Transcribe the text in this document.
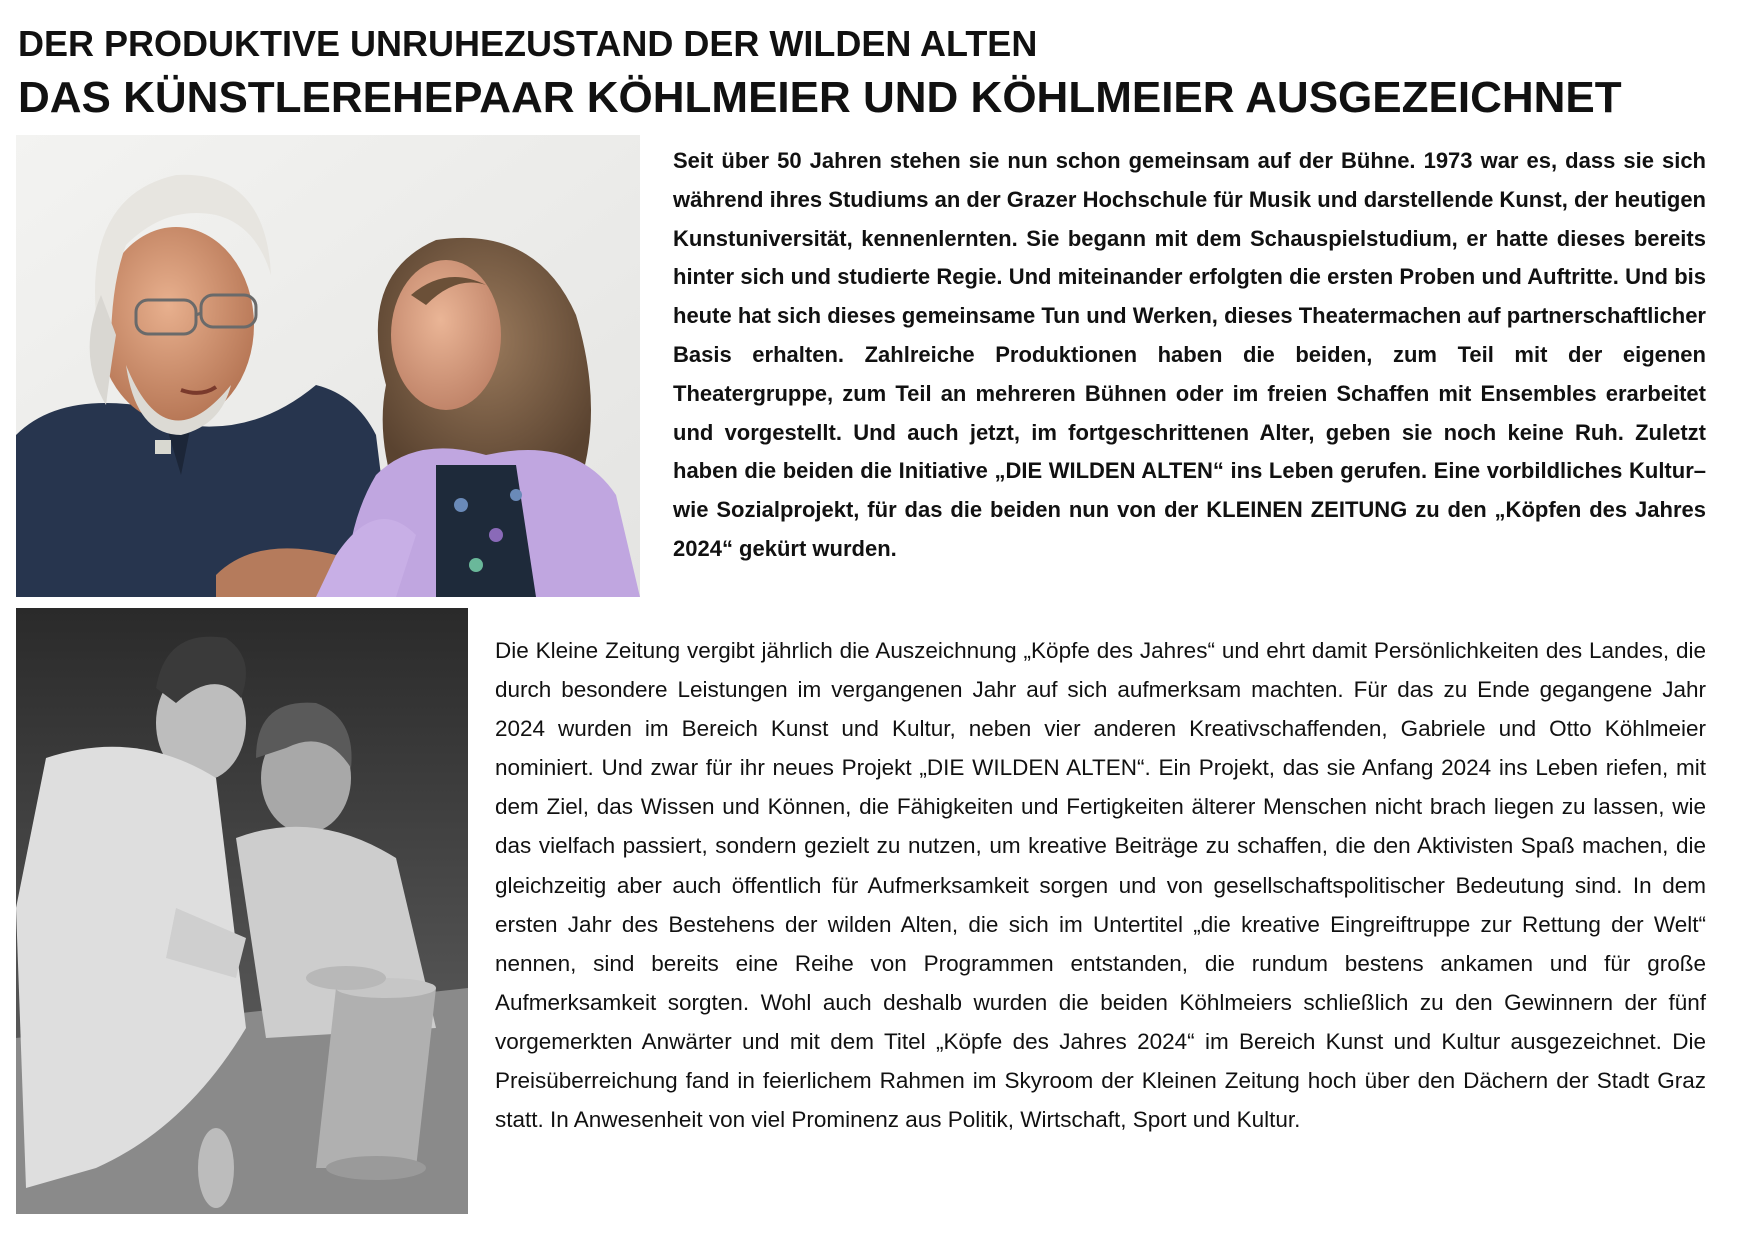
DER PRODUKTIVE UNRUHEZUSTAND DER WILDEN ALTEN
DAS KÜNSTLEREHEPAAR KÖHLMEIER UND KÖHLMEIER AUSGEZEICHNET
Seit über 50 Jahren stehen sie nun schon gemeinsam auf der Bühne. 1973 war es, dass sie sich während ihres Studiums an der Grazer Hochschule für Musik und darstellende Kunst, der heutigen Kunstuniversität, kennenlernten. Sie begann mit dem Schauspielstudium, er hatte dieses bereits hinter sich und studierte Regie. Und miteinander erfolgten die ersten Proben und Auftritte. Und bis heute hat sich dieses gemeinsame Tun und Werken, dieses Theatermachen auf partnerschaftlicher Basis erhalten. Zahlreiche Produktionen haben die beiden, zum Teil mit der eigenen Theatergruppe, zum Teil an mehreren Bühnen oder im freien Schaffen mit Ensembles erarbeitet und vorgestellt. Und auch jetzt, im fortgeschrittenen Alter, geben sie noch keine Ruh. Zuletzt haben die beiden die Initiative „DIE WILDEN ALTEN“ ins Leben gerufen. Eine vorbildliches Kultur– wie Sozialprojekt, für das die beiden nun von der KLEINEN ZEITUNG zu den „Köpfen des Jahres 2024“ gekürt wurden.
Die Kleine Zeitung vergibt jährlich die Auszeichnung „Köpfe des Jahres“ und ehrt damit Persönlichkeiten des Landes, die durch besondere Leistungen im vergangenen Jahr auf sich aufmerksam machten. Für das zu Ende gegangene Jahr 2024 wurden im Bereich Kunst und Kultur, neben vier anderen Kreativschaffenden, Gabriele und Otto Köhlmeier nominiert. Und zwar für ihr neues Projekt „DIE WILDEN ALTEN“. Ein Projekt, das sie Anfang 2024 ins Leben riefen, mit dem Ziel, das Wissen und Können, die Fähigkeiten und Fertigkeiten älterer Menschen nicht brach liegen zu lassen, wie das vielfach passiert, sondern gezielt zu nutzen, um kreative Beiträge zu schaffen, die den Aktivisten Spaß machen, die gleichzeitig aber auch öffentlich für Aufmerksamkeit sorgen und von gesellschaftspolitischer Bedeutung sind. In dem ersten Jahr des Bestehens der wilden Alten, die sich im Untertitel „die kreative Eingreiftruppe zur Rettung der Welt“ nennen, sind bereits eine Reihe von Programmen entstanden, die rundum bestens ankamen und für große Aufmerksamkeit sorgten. Wohl auch deshalb wurden die beiden Köhlmeiers schließlich zu den Gewinnern der fünf vorgemerkten Anwärter und mit dem Titel „Köpfe des Jahres 2024“ im Bereich Kunst und Kultur ausgezeichnet. Die Preisüberreichung fand in feierlichem Rahmen im Skyroom der Kleinen Zeitung hoch über den Dächern der Stadt Graz statt. In Anwesenheit von viel Prominenz aus Politik, Wirtschaft, Sport und Kultur.
